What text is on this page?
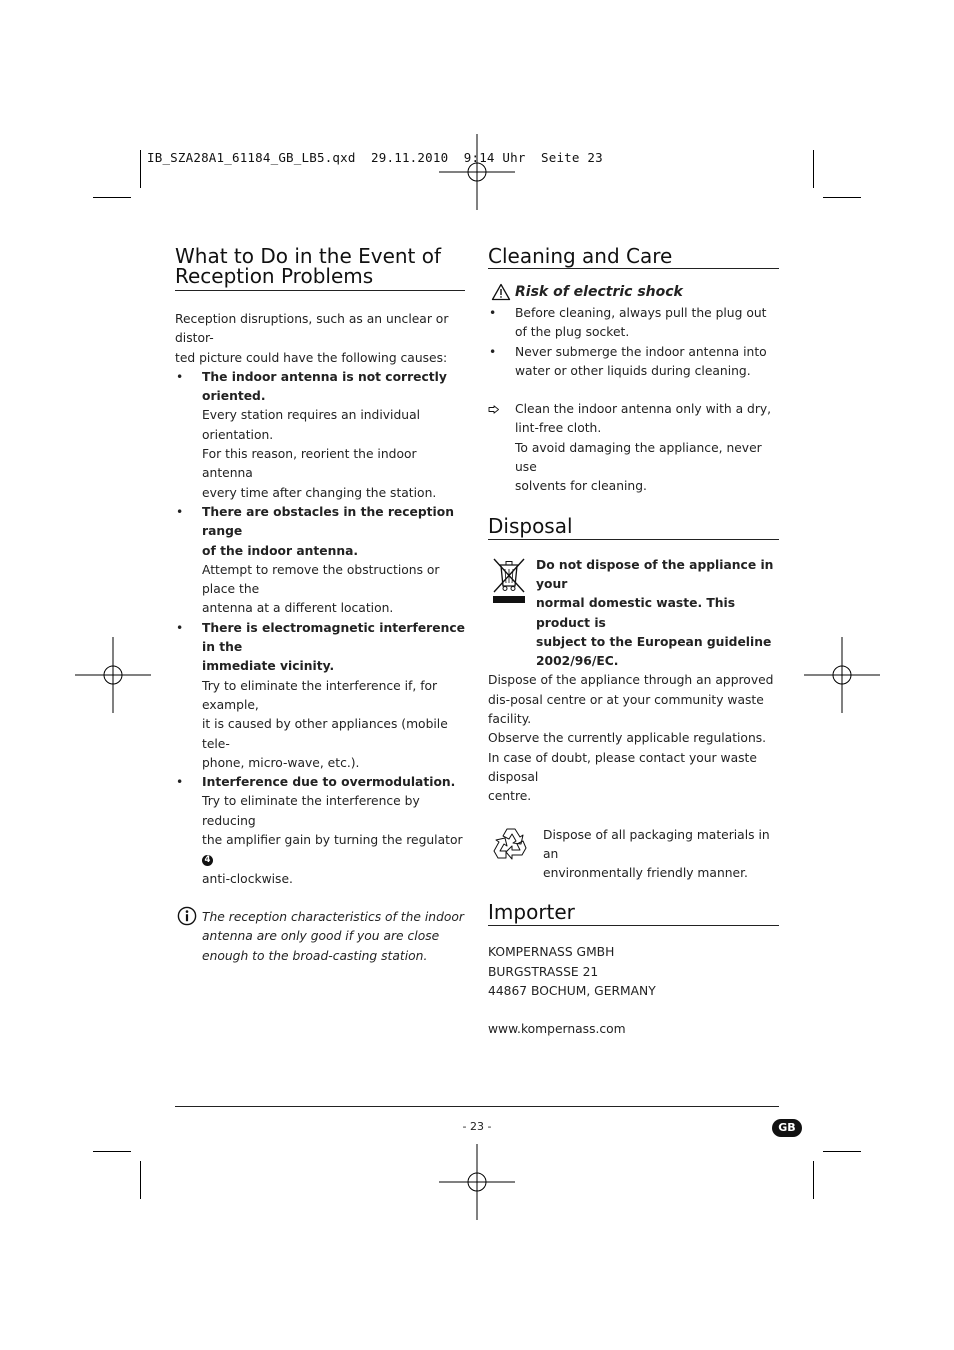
IB_SZA28A1_61184_GB_LB5.qxd  29.11.2010  9:14 Uhr  Seite 23
What to Do in the Event of
Reception Problems

Reception disruptions, such as an unclear or distor-
ted picture could have the following causes:

• The indoor antenna is not correctly oriented.

Every station requires an individual orientation.

For this reason, reorient the indoor antenna

every time after changing the station.

• There are obstacles in the reception range

of the indoor antenna.

Attempt to remove the obstructions or place the

antenna at a different location.

• There is electromagnetic interference in the

immediate vicinity.

Try to eliminate the interference if, for example,

it is caused by other appliances (mobile tele-

phone, micro-wave, etc.).

• Interference due to overmodulation.

Try to eliminate the interference by reducing

the amplifier gain by turning the regulator 4

anti-clockwise.

The reception characteristics of the indoor

antenna are only good if you are close

enough to the broad-casting station.

Cleaning and Care
Risk of electric shock
• Before cleaning, always pull the plug out

of the plug socket.

• Never submerge the indoor antenna into

water or other liquids during cleaning.

Clean the indoor antenna only with a dry,

lint-free cloth.

To avoid damaging the appliance, never use

solvents for cleaning.

Disposal

Do not dispose of the appliance in your

normal domestic waste. This product is

subject to the European guideline

2002/96/EC.

Dispose of the appliance through an approved

dis-posal centre or at your community waste facility.

Observe the currently applicable regulations.

In case of doubt, please contact your waste disposal

centre.

Dispose of all packaging materials in an

environmentally friendly manner.

Importer

KOMPERNASS GMBH

BURGSTRASSE 21

44867 BOCHUM, GERMANY

www.kompernass.com

- 23 -	GB
